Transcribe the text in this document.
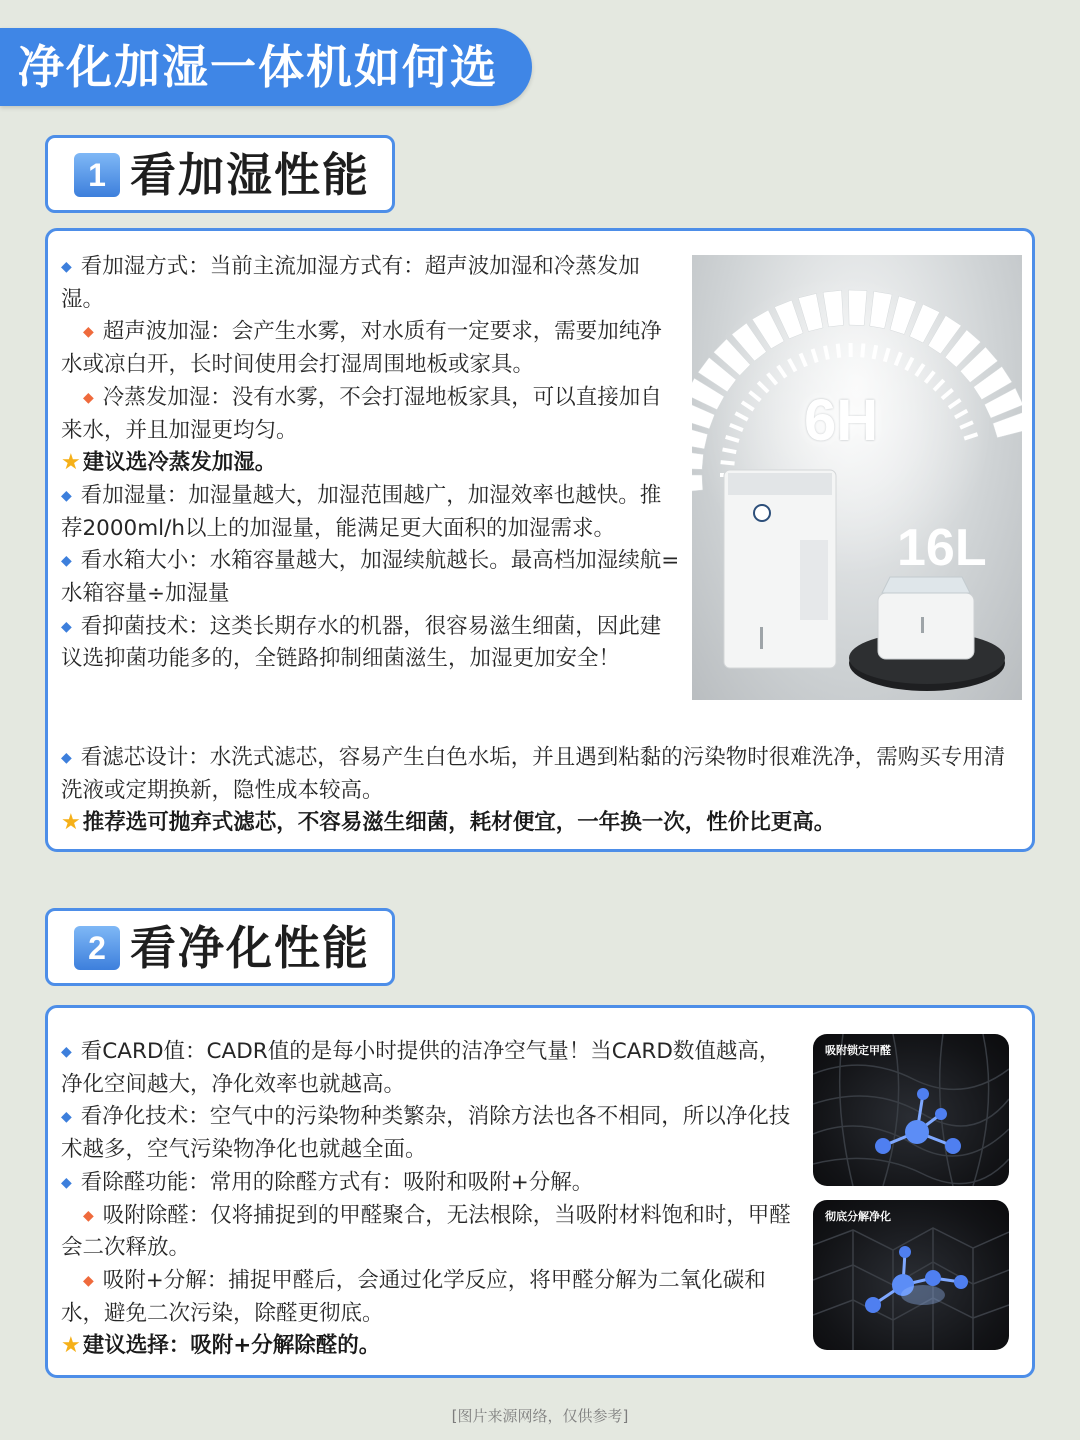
净化加湿一体机如何选
1 看加湿性能

◆ 看加湿方式：当前主流加湿方式有：超声波加湿和冷蒸发加湿。

◆ 超声波加湿：会产生水雾，对水质有一定要求，需要加纯净水或凉白开，长时间使用会打湿周围地板或家具。

◆ 冷蒸发加湿：没有水雾，不会打湿地板家具，可以直接加自来水，并且加湿更均匀。

★建议选冷蒸发加湿。

◆ 看加湿量：加湿量越大，加湿范围越广，加湿效率也越快。推荐2000ml/h以上的加湿量，能满足更大面积的加湿需求。

◆ 看水箱大小：水箱容量越大，加湿续航越长。最高档加湿续航=水箱容量÷加湿量

◆ 看抑菌技术：这类长期存水的机器，很容易滋生细菌，因此建议选抑菌功能多的，全链路抑制细菌滋生，加湿更加安全！

◆ 看滤芯设计：水洗式滤芯，容易产生白色水垢，并且遇到粘黏的污染物时很难洗净，需购买专用清洗液或定期换新，隐性成本较高。

★推荐选可抛弃式滤芯，不容易滋生细菌，耗材便宜，一年换一次，性价比更高。

6H
16L
2 看净化性能

◆ 看CARD值：CADR值的是每小时提供的洁净空气量！当CARD数值越高，净化空间越大，净化效率也就越高。

◆ 看净化技术：空气中的污染物种类繁杂，消除方法也各不相同，所以净化技术越多，空气污染物净化也就越全面。

◆ 看除醛功能：常用的除醛方式有：吸附和吸附+分解。

◆ 吸附除醛：仅将捕捉到的甲醛聚合，无法根除，当吸附材料饱和时，甲醛会二次释放。

◆ 吸附+分解：捕捉甲醛后，会通过化学反应，将甲醛分解为二氧化碳和水，避免二次污染，除醛更彻底。

★建议选择：吸附+分解除醛的。

吸附锁定甲醛
彻底分解净化
[图片来源网络，仅供参考]
